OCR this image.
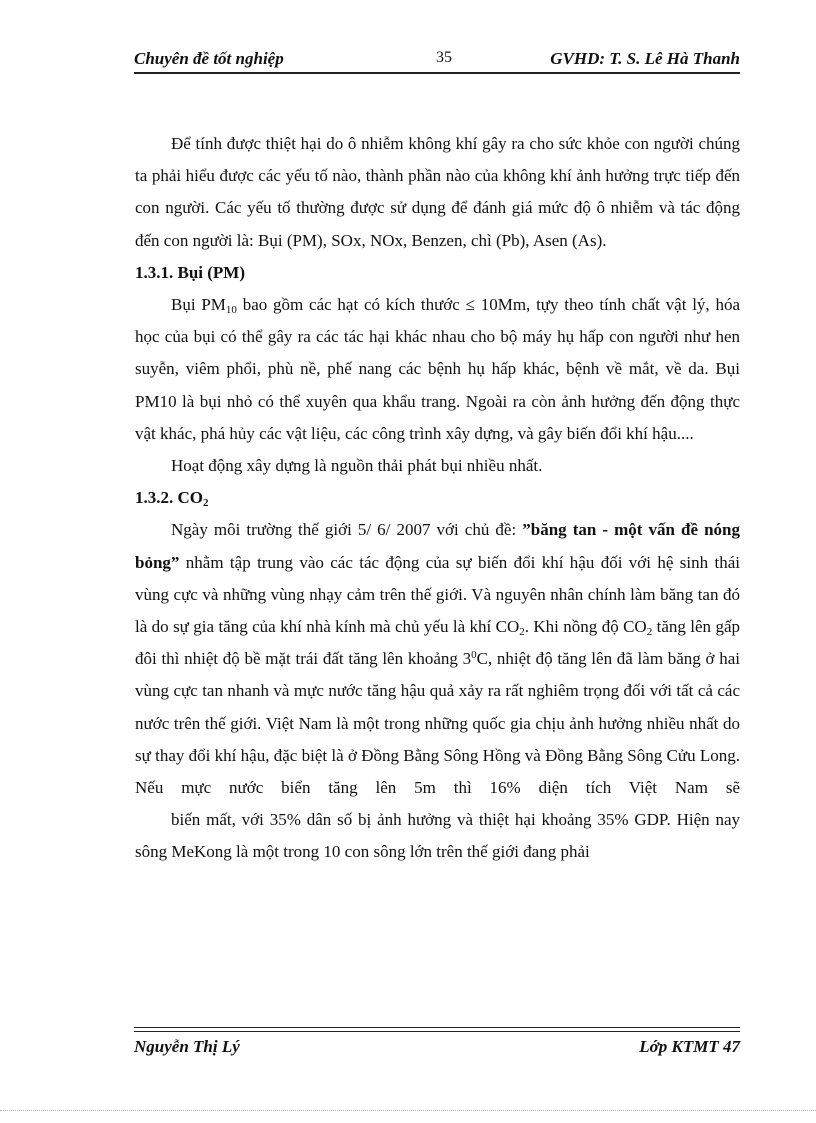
Chuyên đề tốt nghiệp	35	GVHD: T. S. Lê Hà Thanh

Để tính được thiệt hại do ô nhiễm không khí gây ra cho sức khỏe con người chúng ta phải hiểu được các yếu tố nào, thành phần nào của không khí ảnh hưởng trực tiếp đến con người. Các yếu tố thường được sử dụng để đánh giá mức độ ô nhiễm và tác động đến con người là: Bụi (PM), SOx, NOx, Benzen, chì (Pb), Asen (As).

1.3.1. Bụi (PM)

Bụi $PM_{10}$ bao gồm các hạt có kích thước ≤ 10Mm, tựy theo tính chất vật lý, hóa học của bụi có thể gây ra các tác hại khác nhau cho bộ máy hụ hấp con người như hen suyễn, viêm phổi, phù nề, phế nang các bệnh hụ hấp khác, bệnh về mắt, về da. Bụi PM10 là bụi nhỏ có thể xuyên qua khẩu trang. Ngoài ra còn ảnh hưởng đến động thực vật khác, phá hủy các vật liệu, các công trình xây dựng, và gây biến đổi khí hậu....

Hoạt động xây dựng là nguồn thải phát bụi nhiều nhất.

1.3.2. $CO_2$

Ngày môi trường thế giới 5/ 6/ 2007 với chủ đề: ”băng tan - một vấn đề nóng bỏng” nhằm tập trung vào các tác động của sự biến đổi khí hậu đối với hệ sinh thái vùng cực và những vùng nhạy cảm trên thế giới. Và nguyên nhân chính làm băng tan đó là do sự gia tăng của khí nhà kính mà chủ yếu là khí $CO_2$. Khi nồng độ $CO_2$ tăng lên gấp đôi thì nhiệt độ bề mặt trái đất tăng lên khoảng $3^0C$, nhiệt độ tăng lên đã làm băng ở hai vùng cực tan nhanh và mực nước tăng hậu quả xảy ra rất nghiêm trọng đối với tất cả các nước trên thế giới. Việt Nam là một trong những quốc gia chịu ảnh hưởng nhiều nhất do sự thay đổi khí hậu, đặc biệt là ở Đồng Bằng Sông Hồng và Đồng Bằng Sông Cửu Long. Nếu mực nước biển tăng lên 5m thì 16% diện tích Việt Nam sẽ

biến mất, với 35% dân số bị ảnh hưởng và thiệt hại khoảng 35% GDP. Hiện nay sông MeKong là một trong 10 con sông lớn trên thế giới đang phải

Nguyễn Thị Lý	Lớp KTMT 47
